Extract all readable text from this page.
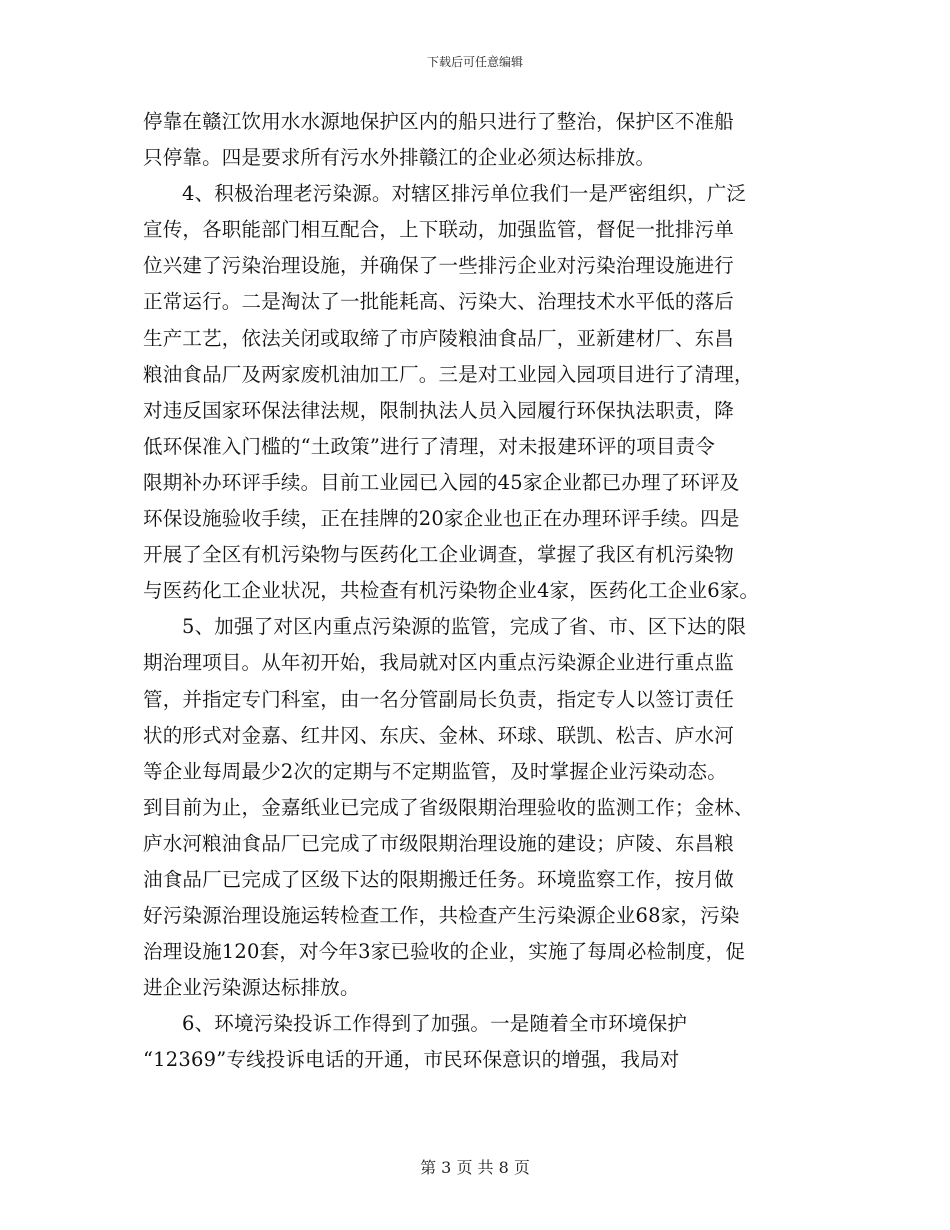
下载后可任意编辑
停靠在赣江饮用水水源地保护区内的船只进行了整治，保护区不准船
只停靠。四是要求所有污水外排赣江的企业必须达标排放。
4、积极治理老污染源。对辖区排污单位我们一是严密组织，广泛
宣传，各职能部门相互配合，上下联动，加强监管，督促一批排污单
位兴建了污染治理设施，并确保了一些排污企业对污染治理设施进行
正常运行。二是淘汰了一批能耗高、污染大、治理技术水平低的落后
生产工艺，依法关闭或取缔了市庐陵粮油食品厂，亚新建材厂、东昌
粮油食品厂及两家废机油加工厂。三是对工业园入园项目进行了清理，
对违反国家环保法律法规，限制执法人员入园履行环保执法职责，降
低环保准入门槛的“土政策”进行了清理，对未报建环评的项目责令
限期补办环评手续。目前工业园已入园的45家企业都已办理了环评及
环保设施验收手续，正在挂牌的20家企业也正在办理环评手续。四是
开展了全区有机污染物与医药化工企业调查，掌握了我区有机污染物
与医药化工企业状况，共检查有机污染物企业4家，医药化工企业6家。
5、加强了对区内重点污染源的监管，完成了省、市、区下达的限
期治理项目。从年初开始，我局就对区内重点污染源企业进行重点监
管，并指定专门科室，由一名分管副局长负责，指定专人以签订责任
状的形式对金嘉、红井冈、东庆、金林、环球、联凯、松吉、庐水河
等企业每周最少2次的定期与不定期监管，及时掌握企业污染动态。
到目前为止，金嘉纸业已完成了省级限期治理验收的监测工作；金林、
庐水河粮油食品厂已完成了市级限期治理设施的建设；庐陵、东昌粮
油食品厂已完成了区级下达的限期搬迁任务。环境监察工作，按月做
好污染源治理设施运转检查工作，共检查产生污染源企业68家，污染
治理设施120套，对今年3家已验收的企业，实施了每周必检制度，促
进企业污染源达标排放。
6、环境污染投诉工作得到了加强。一是随着全市环境保护
“12369”专线投诉电话的开通，市民环保意识的增强，我局对
第 3 页 共 8 页
